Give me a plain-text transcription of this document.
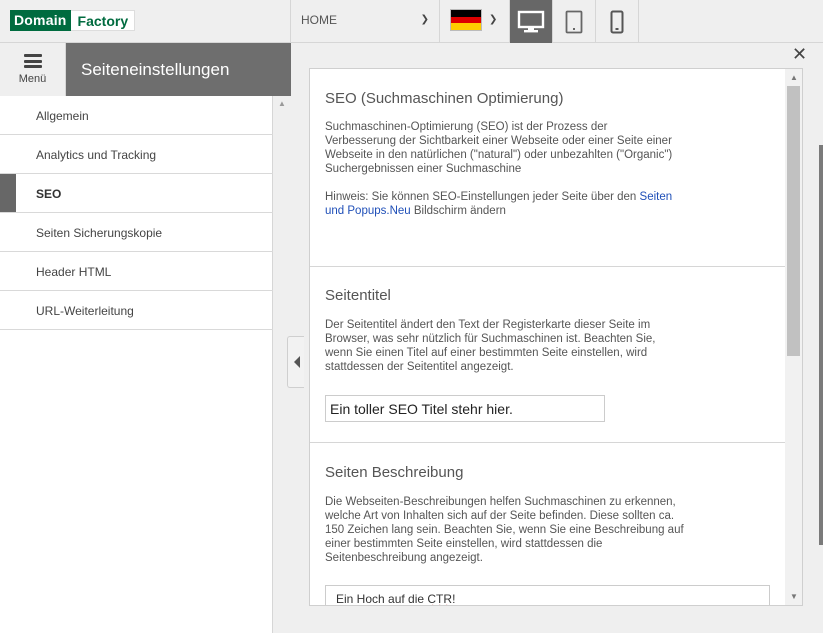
Domain Factory	HOME	❯	❯
Menü	Seiteneinstellungen
Allgemein
Analytics und Tracking
SEO
Seiten Sicherungskopie
Header HTML
URL-Weiterleitung
▲
✕
SEO (Suchmaschinen Optimierung)

Suchmaschinen-Optimierung (SEO) ist der Prozess der Verbesserung der Sichtbarkeit einer Webseite oder einer Seite einer Webseite in den natürlichen ("natural") oder unbezahlten ("Organic") Suchergebnissen einer Suchmaschine

Hinweis: Sie können SEO-Einstellungen jeder Seite über den Seiten und Popups.Neu Bildschirm ändern

Seitentitel

Der Seitentitel ändert den Text der Registerkarte dieser Seite im Browser, was sehr nützlich für Suchmaschinen ist. Beachten Sie, wenn Sie einen Titel auf einer bestimmten Seite einstellen, wird stattdessen der Seitentitel angezeigt.

Ein toller SEO Titel stehr hier.
Seiten Beschreibung

Die Webseiten-Beschreibungen helfen Suchmaschinen zu erkennen, welche Art von Inhalten sich auf der Seite befinden. Diese sollten ca. 150 Zeichen lang sein. Beachten Sie, wenn Sie eine Beschreibung auf einer bestimmten Seite einstellen, wird stattdessen die Seitenbeschreibung angezeigt.

Ein Hoch auf die CTR!
▲
▼
